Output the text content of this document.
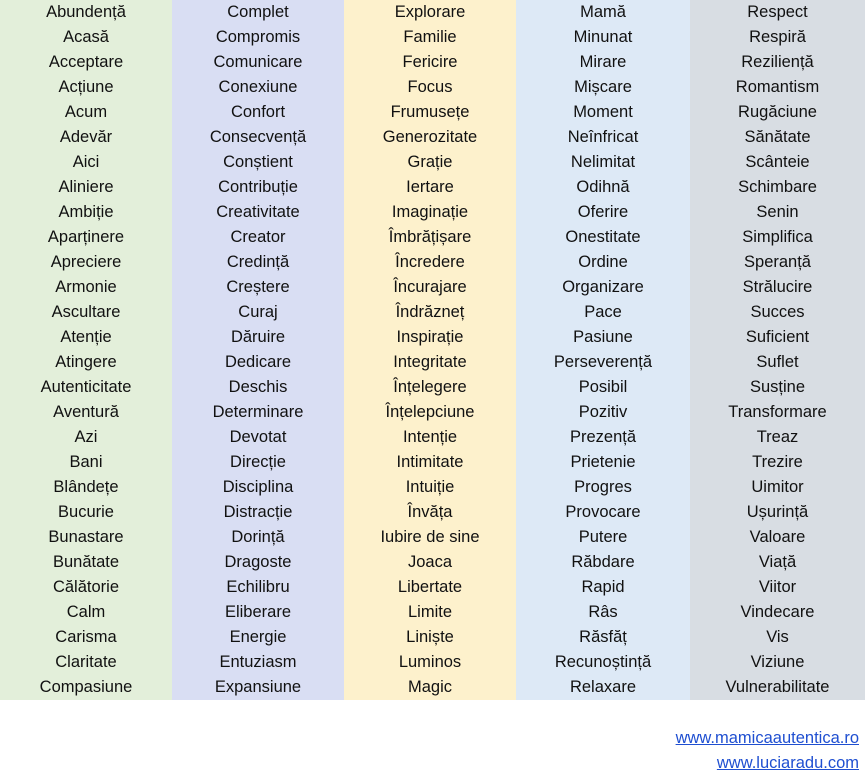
Abundență
Acasă
Acceptare
Acțiune
Acum
Adevăr
Aici
Aliniere
Ambiție
Aparținere
Apreciere
Armonie
Ascultare
Atenție
Atingere
Autenticitate
Aventură
Azi
Bani
Blândețe
Bucurie
Bunastare
Bunătate
Călătorie
Calm
Carisma
Claritate
Compasiune
Complet
Compromis
Comunicare
Conexiune
Confort
Consecvență
Conștient
Contribuție
Creativitate
Creator
Credință
Creștere
Curaj
Dăruire
Dedicare
Deschis
Determinare
Devotat
Direcție
Disciplina
Distracție
Dorință
Dragoste
Echilibru
Eliberare
Energie
Entuziasm
Expansiune
Explorare
Familie
Fericire
Focus
Frumusețe
Generozitate
Grație
Iertare
Imaginație
Îmbrățișare
Încredere
Încurajare
Îndrăzneț
Inspirație
Integritate
Înțelegere
Înțelepciune
Intenție
Intimitate
Intuiție
Învăța
Iubire de sine
Joaca
Libertate
Limite
Liniște
Luminos
Magic
Mamă
Minunat
Mirare
Mișcare
Moment
Neînfricat
Nelimitat
Odihnă
Oferire
Onestitate
Ordine
Organizare
Pace
Pasiune
Perseverență
Posibil
Pozitiv
Prezență
Prietenie
Progres
Provocare
Putere
Răbdare
Rapid
Râs
Răsfăț
Recunoștință
Relaxare
Respect
Respiră
Reziliență
Romantism
Rugăciune
Sănătate
Scânteie
Schimbare
Senin
Simplifica
Speranță
Strălucire
Succes
Suficient
Suflet
Susține
Transformare
Treaz
Trezire
Uimitor
Ușurință
Valoare
Viață
Viitor
Vindecare
Vis
Viziune
Vulnerabilitate
www.mamicaautentica.ro
www.luciaradu.com
